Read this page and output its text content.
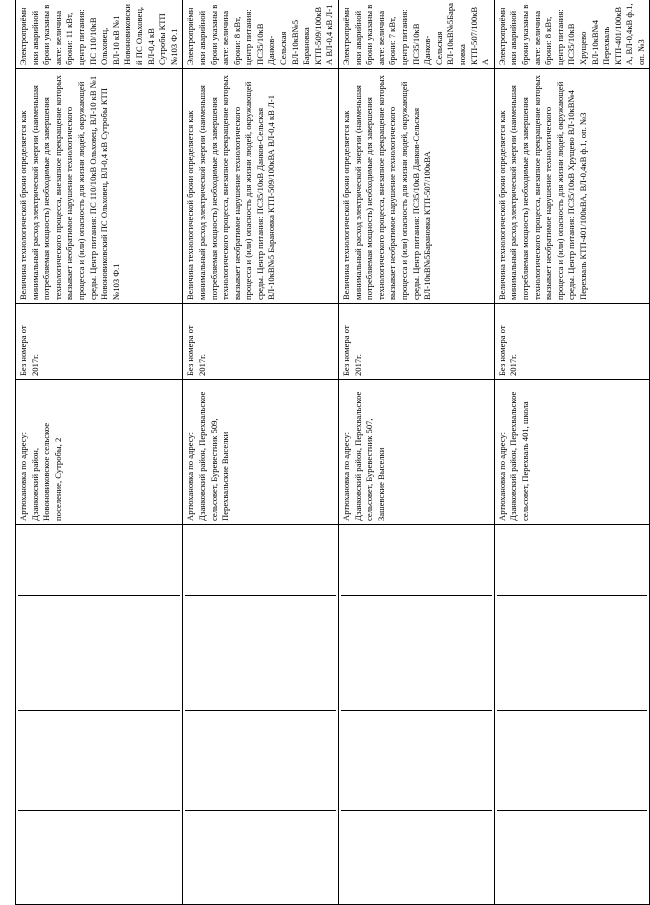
	Артюхановка по адресу: Дзанковский район, Новоновиковское сельское поселение, Сутробы, 2	Без номера от 2017г.	Величина технологической брони определяется как минимальный расход электрической энергии (наименьшая потребляемая мощность) необходимые для завершения технологического процесса, внезапное прекращение которых вызывает необратимое нарушение технологического процесса и (или) опасность для жизни людей, окружающей среды. Центр питания: ПС 110/10кВ Ольховец, ВЛ-10 кВ №1 Новоновиковский ПС Ольховец, ВЛ-0,4 кВ Сутробы КТП №103 Ф.1	Электроприёмники аварийной брони указаны в акте: величина брони: 11 кВт, центр питания: ПС 110/10кВ Ольховец, ВЛ-10 кВ №1 Новоновиковский ПС Ольховец, ВЛ-0,4 кВ Сутробы КТП №103 Ф.1

	Артюхановка по адресу: Дзанковский район, Перехвальское сельсовет, Буревестник 509, Перехвальские Выселки	Без номера от 2017г.	Величина технологической брони определяется как минимальный расход электрической энергии (наименьшая потребляемая мощность) необходимые для завершения технологического процесса, внезапное прекращение которых вызывает необратимое нарушение технологического процесса и (или) опасность для жизни людей, окружающей среды. Центр питания: ПС35/10кВ Данков-Сельская ВЛ-10кВ№5 Барановка КТП-509/100кВА ВЛ-0,4 кВ Л-1	Электроприёмники аварийной брони указаны в акте: величина брони: 8 кВт, центр питания: ПС35/10кВ Данков-Сельская ВЛ-10кВ№5 Барановка КТП-509/100кВА ВЛ-0,4 кВ Л-1

	Артюхановка по адресу: Дзанковский район, Перехвальское сельсовет, Буревестник 507, Зашевские Выселки	Без номера от 2017г.	Величина технологической брони определяется как минимальный расход электрической энергии (наименьшая потребляемая мощность) необходимые для завершения технологического процесса, внезапное прекращение которых вызывает необратимое нарушение технологического процесса и (или) опасность для жизни людей, окружающей среды. Центр питания: ПС35/10кВ Данков-Сельская ВЛ-10кВ№5Барановка КТП-507/100кВА	Электроприёмники аварийной брони указаны в акте: величина брони: 7 кВт, центр питания: ПС35/10кВ Данков-Сельская ВЛ-10кВ№5Барановка КТП-507/100кВА

	Артюхановка по адресу: Дзанковский район, Перехвальское сельсовет, Перехваль 401, школа	Без номера от 2017г.	Величина технологической брони определяется как минимальный расход электрической энергии (наименьшая потребляемая мощность) необходимые для завершения технологического процесса, внезапное прекращение которых вызывает необратимое нарушение технологического процесса и (или) опасность для жизни людей, окружающей среды. Центр питания: ПС35/10кВ Хрущево ВЛ-10кВ№4 Перехваль КТП-401/100кВА, ВЛ-0,4кВ ф.1, оп. №3	Электроприёмники аварийной брони указаны в акте: величина брони: 8 кВт, центр питания: ПС35/10кВ Хрущево ВЛ-10кВ№4 Перехваль КТП-401/100кВА, ВЛ-0,4кВ ф.1, оп. №3
